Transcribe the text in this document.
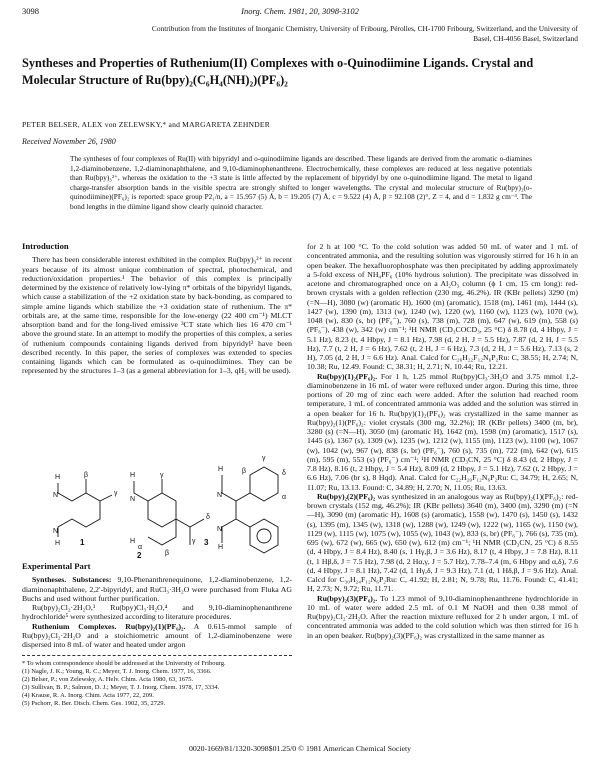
3098	Inorg. Chem. 1981, 20, 3098-3102
Contribution from the Institutes of Inorganic Chemistry, University of Fribourg, Pérolles, CH-1700 Fribourg, Switzerland, and the University of Basel, CH-4056 Basel, Switzerland
Syntheses and Properties of Ruthenium(II) Complexes with o-Quinodiimine Ligands. Crystal and Molecular Structure of Ru(bpy)₂(C₆H₄(NH)₂)(PF₆)₂
PETER BELSER, ALEX von ZELEWSKY,* and MARGARETA ZEHNDER
Received November 26, 1980
The syntheses of four complexes of Ru(II) with bipyridyl and o-quinodiimine ligands are described. These ligands are derived from the aromatic o-diamines 1,2-diaminobenzene, 1,2-diaminonaphthalene, and 9,10-diaminophenanthrene. Electrochemically, these complexes are reduced at less negative potentials than Ru(bpy)₃²⁺, whereas the oxidation to the +3 state is little affected by the replacement of bipyridyl by one o-quinodiimine ligand. The metal to ligand charge-transfer absorption bands in the visible spectra are strongly shifted to longer wavelengths. The crystal and molecular structure of Ru(bpy)₂(o-quinodiimine)(PF₆)₂ is reported: space group P2₁/n, a = 15.957 (5) Å, b = 19.205 (7) Å, c = 9.522 (4) Å, β = 92.108 (2)°, Z = 4, and d = 1.832 g cm⁻³. The bond lengths in the diimine ligand show clearly quinoid character.
Introduction

There has been considerable interest exhibited in the complex Ru(bpy)₃²⁺ in recent years because of its almost unique combination of spectral, photochemical, and reduction/oxidation properties.¹ The behavior of this complex is principally determined by the existence of relatively low-lying π* orbitals of the bipyridyl ligands, which cause a stabilization of the +2 oxidation state by back-bonding, as compared to simple amine ligands which stabilize the +3 oxidation state of ruthenium. The π* orbitals are, at the same time, responsible for the low-energy (22 400 cm⁻¹) MLCT absorption band and for the long-lived emissive ³CT state which lies 16 470 cm⁻¹ above the ground state. In an attempt to modify the properties of this complex, a series of ruthenium compounds containing ligands derived from bipyridyl² have been described recently. In this paper, the series of complexes was extended to species containing ligands which can be formulated as o-quinodiimines. They can be represented by the structures 1–3 (as a general abbreviation for 1–3, qH₂ will be used).

H
N
N
H
β
γ
1
H
N
H
γ
δ
γ
α
β
2
H
N
N
H
γ
β	δ
α
3
Experimental Part

Syntheses. Substances: 9,10-Phenanthrenequinone, 1,2-diaminobenzene, 1,2-diaminonaphthalene, 2,2′-bipyridyl, and RuCl₃·3H₂O were purchased from Fluka AG Buchs and used without further purification.

Ru(bpy)₂Cl₂·2H₂O,³ Ru(bpy)Cl₃·H₂O,⁴ and 9,10-diaminophenanthrene hydrochloride⁵ were synthesized according to literature procedures.

Ruthenium Complexes. Ru(bpy)₂(1)(PF₆)₂. A 0.615-mmol sample of Ru(bpy)₂Cl₂·2H₂O and a stoichiometric amount of 1,2-diaminobenzene were dispersed into 8 mL of water and heated under argon

* To whom correspondence should be addressed at the University of Fribourg.
(1) Nagle, J. K.; Young, R. C.; Meyer, T. J. Inorg. Chem. 1977, 16, 3366.
(2) Belser, P.; von Zelewsky, A. Helv. Chim. Acta 1980, 63, 1675.
(3) Sullivan, B. P.; Salmon, D. J.; Meyer, T. J. Inorg. Chem. 1978, 17, 3334.
(4) Krause, R. A. Inorg. Chim. Acta 1977, 22, 209.
(5) Pschorr, R. Ber. Dtsch. Chem. Ges. 1902, 35, 2729.

for 2 h at 100 °C. To the cold solution was added 50 mL of water and 1 mL of concentrated ammonia, and the resulting solution was vigorously stirred for 16 h in an open beaker. The hexafluorophosphate was then precipitated by adding approximately a 5-fold excess of NH₄PF₆ (10% hydrous solution). The precipitate was dissolved in acetone and chromatographed once on a Al₂O₃ column (ϕ 1 cm, 15 cm long): red-brown crystals with a golden reflection (230 mg, 46.2%). IR (KBr pellets) 3290 (m) (=N—H), 3080 (w) (aromatic H), 1600 (m) (aromatic), 1518 (m), 1461 (m), 1444 (s), 1427 (w), 1390 (m), 1313 (w), 1240 (w), 1220 (w), 1160 (w), 1123 (w), 1070 (w), 1048 (w), 830 (s, br) (PF₆⁻), 760 (s), 738 (m), 728 (m), 647 (w), 619 (m), 558 (s) (PF₆⁻), 438 (w), 342 (w) cm⁻¹; ¹H NMR (CD₃COCD₃, 25 °C) δ 8.78 (d, 4 Hbpy, J = 5.1 Hz), 8.23 (t, 4 Hbpy, J = 8.1 Hz), 7.98 (d, 2 H, J = 5.5 Hz), 7.87 (d, 2 H, J = 5.5 Hz), 7.7 (t, 2 H, J = 6 Hz), 7.62 (t, 2 H, J = 6 Hz), 7.3 (d, 2 H, J = 5.6 Hz), 7.13 (s, 2 H), 7.05 (d, 2 H, J = 6.6 Hz). Anal. Calcd for C₂₆H₂₂F₁₂N₆P₂Ru: C, 38.55; H, 2.74; N, 10.38; Ru, 12.49. Found: C, 38.31; H, 2.71; N, 10.44; Ru, 12.21.

Ru(bpy)(1)₂(PF₆)₂. For 1 h, 1.25 mmol Ru(bpy)Cl₃·3H₂O and 3.75 mmol 1,2-diaminobenzene in 16 mL of water were refluxed under argon. During this time, three portions of 20 mg of zinc each were added. After the solution had reached room temperature, 1 mL of concentrated ammonia was added and the solution was stirred in a open beaker for 16 h. Ru(bpy)(1)₂(PF₆)₂ was crystallized in the same manner as Ru(bpy)₂(1)(PF₆)₂: violet crystals (300 mg, 32.2%); IR (KBr pellets) 3400 (m, br), 3280 (s) (=N—H), 3050 (m) (aromatic H), 1642 (m), 1598 (m) (aromatic), 1517 (s), 1445 (s), 1367 (s), 1309 (w), 1235 (w), 1212 (w), 1155 (m), 1123 (w), 1100 (w), 1067 (w), 1042 (w), 967 (w), 838 (s, br) (PF₆⁻), 760 (s), 735 (m), 722 (m), 642 (w), 615 (m), 595 (m), 553 (s) (PF₆⁻) cm⁻¹; ¹H NMR (CD₃CN, 25 °C) δ 8.43 (d, 2 Hbpy, J = 7.8 Hz), 8.16 (t, 2 Hbpy, J = 5.4 Hz), 8.09 (d, 2 Hbpy, J = 5.1 Hz), 7.62 (t, 2 Hbpy, J = 6.6 Hz), 7.06 (br s), 8 Hqd). Anal. Calcd for C₂₂H₂₀F₁₂N₆P₂Ru: C, 34.79; H, 2.65; N, 11.07; Ru, 13.13. Found: C, 34.89; H, 2.70; N, 11.05; Ru, 13.63.

Ru(bpy)₂(2)(PF₆)₂ was synthesized in an analogous way as Ru(bpy)₂(1)(PF₆)₂: red-brown crystals (152 mg, 46.2%); IR (KBr pellets) 3640 (m), 3400 (m), 3290 (m) (=N—H), 3090 (m) (aromatic H), 1608 (s) (aromatic), 1558 (w), 1470 (s), 1450 (s), 1432 (s), 1395 (m), 1345 (w), 1318 (w), 1288 (w), 1249 (w), 1222 (w), 1165 (w), 1150 (w), 1129 (w), 1115 (w), 1075 (w), 1055 (w), 1043 (w), 833 (s, br) (PF₆⁻), 766 (s), 735 (m), 695 (w), 672 (w), 665 (w), 650 (w), 612 (m) cm⁻¹; ¹H NMR (CD₃CN, 25 °C) δ 8.55 (d, 4 Hbpy, J = 8.4 Hz), 8.40 (s, 1 Hγ,β, J = 3.6 Hz), 8.17 (t, 4 Hbpy, J = 7.8 Hz), 8.11 (t, 1 Hβ,δ, J = 7.5 Hz), 7.98 (d, 2 Hα,γ, J = 5.7 Hz), 7.78–7.4 (m, 6 Hbpy and α,δ), 7.6 (d, 4 Hbpy, J = 8.1 Hz), 7.42 (d, 1 Hγ,δ, J = 9.3 Hz), 7.1 (d, 1 Hδ,β, J = 9.6 Hz). Anal. Calcd for C₃₀H₂₄F₁₂N₆P₂Ru: C, 41.92; H, 2.81; N, 9.78; Ru, 11.76. Found: C, 41.41; H, 2.73; N, 9.72; Ru, 11.71.

Ru(bpy)₂(3)(PF₆)₂. To 1.23 mmol of 9,10-diaminophenanthrene hydrochloride in 10 mL of water were added 2.5 mL of 0.1 M NaOH and then 0.38 mmol of Ru(bpy)₂Cl₂·2H₂O. After the reaction mixture refluxed for 2 h under argon, 1 mL of concentrated ammonia was added to the cold solution which was then stirred for 16 h in an open beaker. Ru(bpy)₂(3)(PF₆)₂ was crystallized in the same manner as

0020-1669/81/1320-3098$01.25/0 © 1981 American Chemical Society
